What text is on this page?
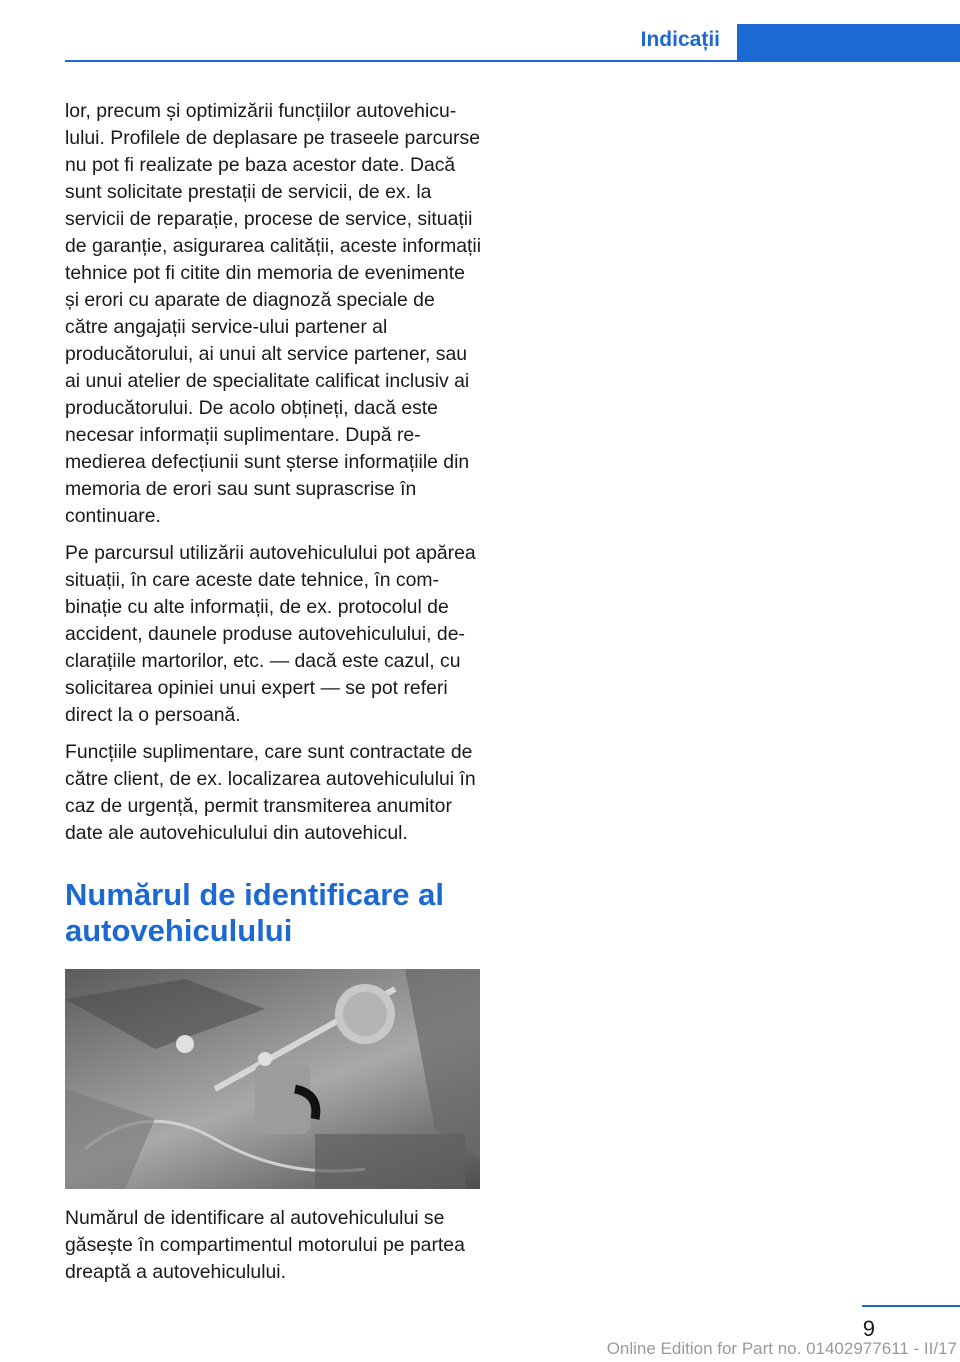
Indicații

lor, precum și optimizării funcțiilor autovehiculului. Profilele de deplasare pe traseele parcurse nu pot fi realizate pe baza acestor date. Dacă sunt solicitate prestații de servicii, de ex. la servicii de reparație, procese de service, situații de garanție, asigurarea calității, aceste informații tehnice pot fi citite din memoria de evenimente și erori cu aparate de diagnoză speciale de către angajații service-ului partener al producătorului, ai unui alt service partener, sau ai unui atelier de specialitate calificat inclusiv ai producătorului. De acolo obțineți, dacă este necesar informații suplimentare. După remedierea defecțiunii sunt șterse informațiile din memoria de erori sau sunt suprascrise în continuare.

Pe parcursul utilizării autovehiculului pot apărea situații, în care aceste date tehnice, în combinație cu alte informații, de ex. protocolul de accident, daunele produse autovehiculului, declarațiile martorilor, etc. — dacă este cazul, cu solicitarea opiniei unui expert — se pot referi direct la o persoană.

Funcțiile suplimentare, care sunt contractate de către client, de ex. localizarea autovehiculului în caz de urgență, permit transmiterea anumitor date ale autovehiculului din autovehicul.

Numărul de identificare al autovehiculului

Numărul de identificare al autovehiculului se găsește în compartimentul motorului pe partea dreaptă a autovehiculului.

9
Online Edition for Part no. 01402977611 - II/17
